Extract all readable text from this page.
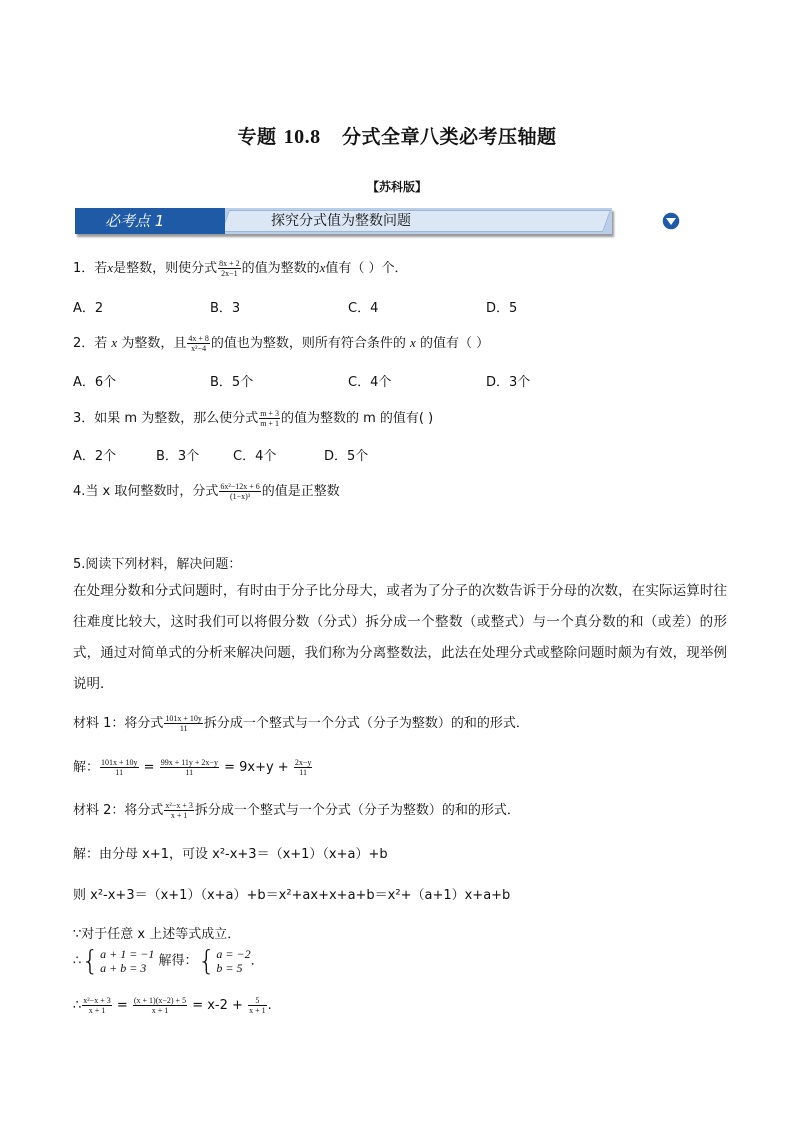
专题 10.8 分式全章八类必考压轴题
【苏科版】
必考点 1	探究分式值为整数问题
1．若x是整数，则使分式 $\frac{8x + 2}{2x-1}$ 的值为整数的x值有（ ）个．
A．2	B．3	C．4	D．5
2．若 x 为整数，且 $\frac{4x + 8}{\text{x²−4}}$ 的值也为整数，则所有符合条件的 x 的值有（ ）
A．6个	B．5个	C．4个	D．3个
3．如果 m 为整数，那么使分式 $\frac{m + 3}{m + 1}$ 的值为整数的 m 的值有( )
A．2个	B．3个	C．4个	D．5个
4.当 x 取何整数时，分式 $\frac{\text{6x²−12x + 6}}{\text{(1−x)³}}$ 的值是正整数
5.阅读下列材料，解决问题：
在处理分数和分式问题时，有时由于分子比分母大，或者为了分子的次数告诉于分母的次数，在实际运算时往往难度比较大，这时我们可以将假分数（分式）拆分成一个整数（或整式）与一个真分数的和（或差）的形式，通过对简单式的分析来解决问题，我们称为分离整数法，此法在处理分式或整除问题时颇为有效，现举例说明．
材料 1：将分式 $\frac{101x + 10y}{11}$ 拆分成一个整式与一个分式（分子为整数）的和的形式．
解： $\frac{101x + 10y}{11} = \frac{99x + 11y + 2x-y}{11} = 9x+y + \frac{2x-y}{11}$
材料 2：将分式 $\frac{\text{x²−x + 3}}{x + 1}$ 拆分成一个整式与一个分式（分子为整数）的和的形式．
解：由分母 x+1，可设 x²-x+3＝（x+1）（x+a）+b
则 x²-x+3＝（x+1）（x+a）+b＝x²+ax+x+a+b＝x²+（a+1）x+a+b
∵对于任意 x 上述等式成立．
∴{ a + 1 = −1
a + b = 3 解得：{ a = −2
b = 5 ．
∴ $\frac{\text{x²−x + 3}}{x + 1} = \frac{(x + 1)(x-2) + 5}{x + 1} = x-2 + \frac{5}{x + 1}$ .
